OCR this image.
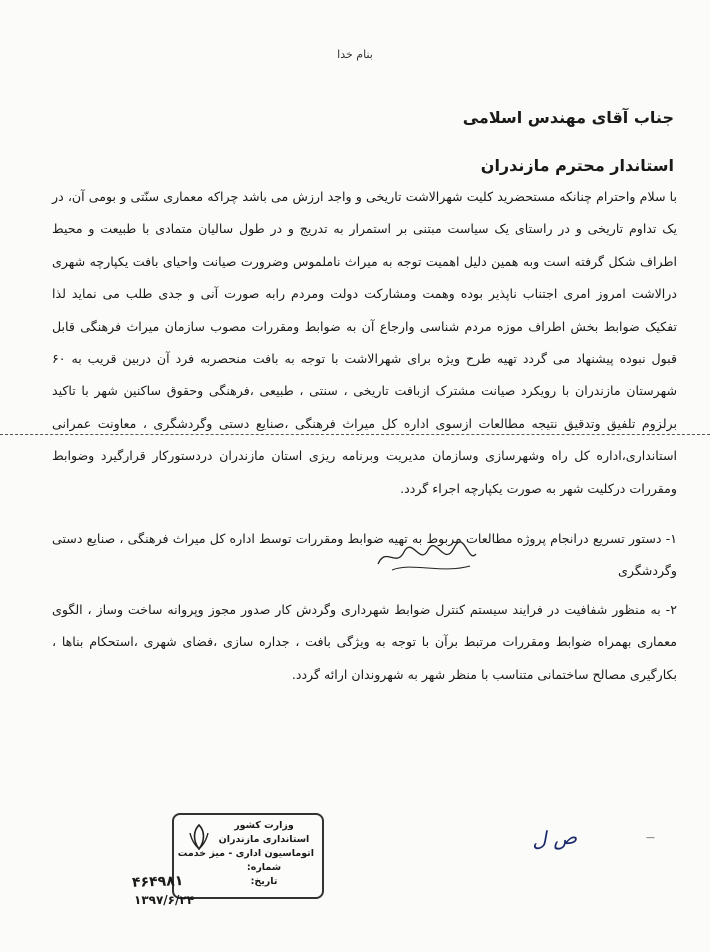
بنام خدا
جناب آقای مهندس اسلامی
استاندار محترم مازندران

با سلام واحترام چنانکه مستحضرید کلیت شهرالاشت تاریخی و واجد ارزش می باشد چراکه معماری سنّتی و بومی آن، در یک تداوم تاریخی و در راستای یک سیاست مبتنی بر استمرار به تدریج و در طول سالیان متمادی با طبیعت و محیط اطراف شکل گرفته است وبه همین دلیل اهمیت توجه به میراث ناملموس وضرورت صیانت واحیای بافت یکپارچه شهری درالاشت امروز امری اجتناب ناپذیر بوده وهمت ومشارکت دولت ومردم رابه صورت آنی و جدی طلب می نماید لذا تفکیک ضوابط بخش اطراف موزه مردم شناسی وارجاع آن به ضوابط ومقررات مصوب سازمان میراث فرهنگی قابل قبول نبوده پیشنهاد می گردد تهیه طرح ویژه برای شهرالاشت با توجه به بافت منحصربه فرد آن دربین قریب به ۶۰ شهرستان مازندران با رویکرد صیانت مشترک ازبافت تاریخی ، سنتی ، طبیعی ،فرهنگی وحقوق ساکنین شهر با تاکید برلزوم تلفیق وتدقیق نتیجه مطالعات ازسوی اداره کل میراث فرهنگی ،صنایع دستی وگردشگری ، معاونت عمرانی استانداری،اداره کل راه وشهرسازی وسازمان مدیریت وبرنامه ریزی استان مازندران دردستورکار قرارگیرد وضوابط ومقررات درکلیت شهر به صورت یکپارچه اجراء گردد.

۱- دستور تسریع درانجام پروژه مطالعات مربوط به تهیه ضوابط ومقررات توسط اداره کل میراث فرهنگی ، صنایع دستی وگردشگری

۲- به منظور شفافیت در فرایند سیستم کنترل ضوابط شهرداری وگردش کار صدور مجوز وپروانه ساخت وساز ، الگوی معماری بهمراه ضوابط ومقررات مرتبط برآن با توجه به ویژگی بافت ، جداره سازی ،فضای شهری ،استحکام بناها ، بکارگیری مصالح ساختمانی متناسب با منظر شهر به شهروندان ارائه گردد.

وزارت کشور
استانداری مازندران
اتوماسیون اداری - میز خدمت
شماره:
تاریخ:
۴۶۴۹۸۱
۱۳۹۷/۶/۲۴
ص ل	—
